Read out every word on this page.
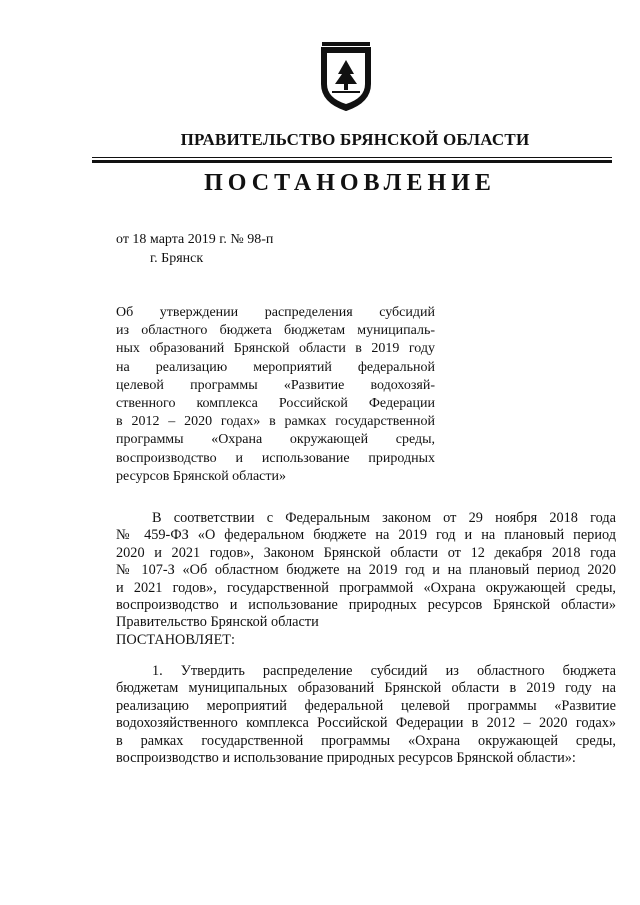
ПРАВИТЕЛЬСТВО БРЯНСКОЙ ОБЛАСТИ
ПОСТАНОВЛЕНИЕ
от 18 марта 2019 г. № 98-п
г. Брянск
Об утверждении распределения субсидий
из областного бюджета бюджетам муниципаль-
ных образований Брянской области в 2019 году
на реализацию мероприятий федеральной
целевой программы «Развитие водохозяй-
ственного комплекса Российской Федерации
в 2012 – 2020 годах» в рамках государственной
программы «Охрана окружающей среды,
воспроизводство и использование природных
ресурсов Брянской области»
В соответствии с Федеральным законом от 29 ноября 2018 года
№ 459-ФЗ «О федеральном бюджете на 2019 год и на плановый период
2020 и 2021 годов», Законом Брянской области от 12 декабря 2018 года
№ 107-З «Об областном бюджете на 2019 год и на плановый период 2020
и 2021 годов», государственной программой «Охрана окружающей среды,
воспроизводство и использование природных ресурсов Брянской области»
Правительство Брянской области
ПОСТАНОВЛЯЕТ:
1. Утвердить распределение субсидий из областного бюджета
бюджетам муниципальных образований Брянской области в 2019 году на
реализацию мероприятий федеральной целевой программы «Развитие
водохозяйственного комплекса Российской Федерации в 2012 – 2020 годах»
в рамках государственной программы «Охрана окружающей среды,
воспроизводство и использование природных ресурсов Брянской области»:
